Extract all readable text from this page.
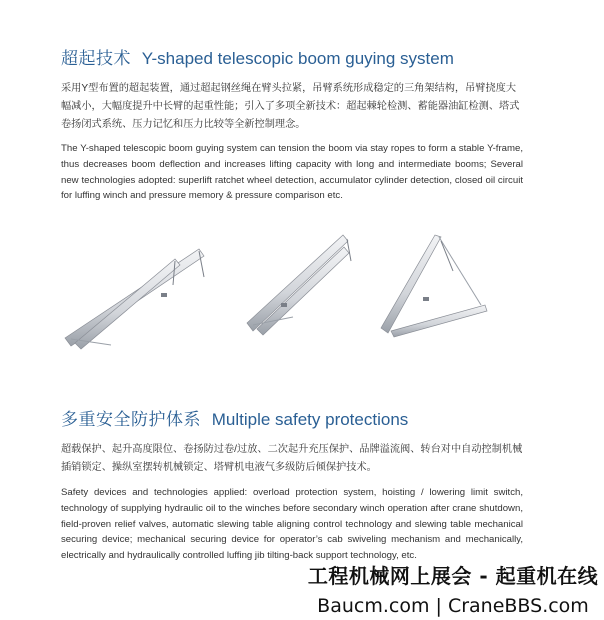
超起技术 Y-shaped telescopic boom guying system
采用Y型布置的超起装置，通过超起钢丝绳在臂头拉紧，吊臂系统形成稳定的三角架结构，吊臂挠度大幅减小，大幅度提升中长臂的起重性能；引入了多项全新技术：超起棘轮检测、蓄能器油缸检测、塔式卷扬闭式系统、压力记忆和压力比较等全新控制理念。
The Y-shaped telescopic boom guying system can tension the boom via stay ropes to form a stable Y-frame, thus decreases boom deflection and increases lifting capacity with long and intermediate booms; Several new technologies adopted: superlift ratchet wheel detection, accumulator cylinder detection, closed oil circuit for luffing winch and pressure memory & pressure comparison etc.
多重安全防护体系 Multiple safety protections
超载保护、起升高度限位、卷扬防过卷/过放、二次起升充压保护、品牌溢流阀、转台对中自动控制机械插销锁定、操纵室摆转机械锁定、塔臂机电液气多级防后倾保护技术。
Safety devices and technologies applied: overload protection system, hoisting / lowering limit switch, technology of supplying hydraulic oil to the winches before secondary winch operation after crane shutdown, field-proven relief valves, automatic slewing table aligning control technology and slewing table mechanical securing device; mechanical securing device for operator’s cab swiveling mechanism and mechanically, electrically and hydraulically controlled luffing jib tilting-back support technology, etc.
工程机械网上展会 - 起重机在线
Baucm.com | CraneBBS.com
